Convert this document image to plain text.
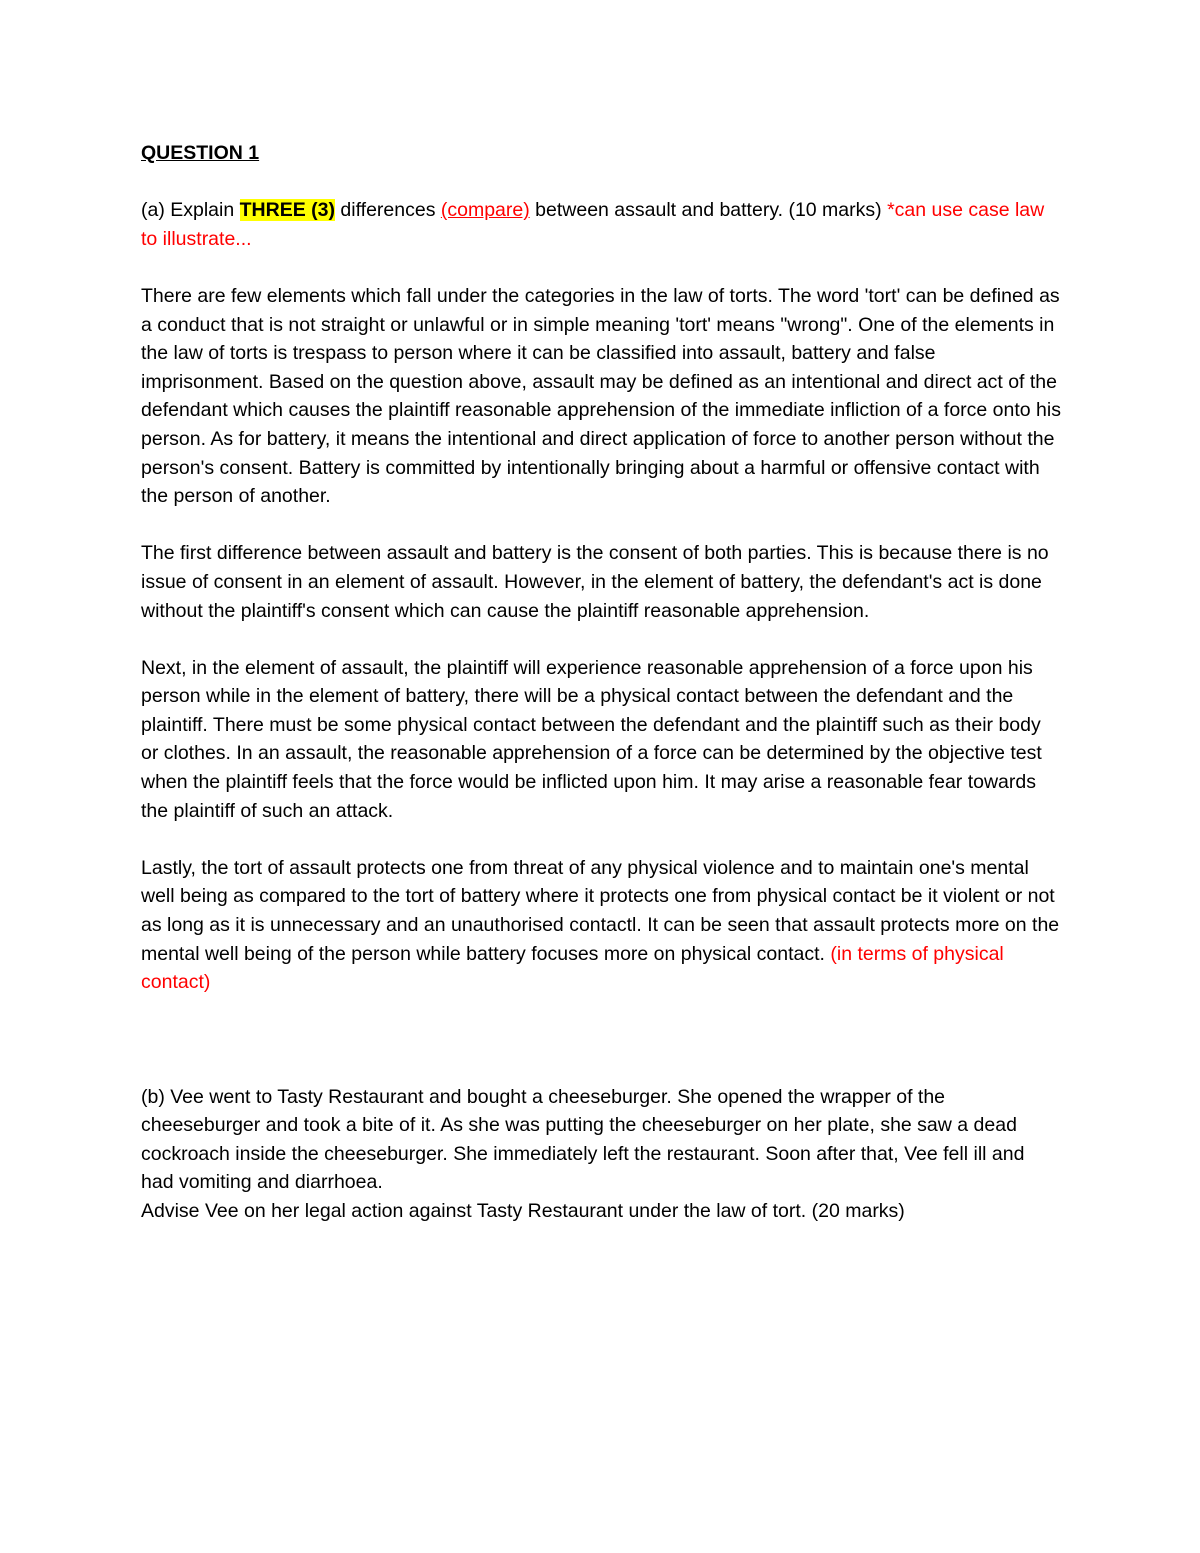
QUESTION 1

(a) Explain THREE (3) differences (compare) between assault and battery. (10 marks) *can use case law to illustrate...

There are few elements which fall under the categories in the law of torts. The word 'tort' can be defined as a conduct that is not straight or unlawful or in simple meaning 'tort' means "wrong". One of the elements in the law of torts is trespass to person where it can be classified into assault, battery and false imprisonment. Based on the question above, assault may be defined as an intentional and direct act of the defendant which causes the plaintiff reasonable apprehension of the immediate infliction of a force onto his person. As for battery, it means the intentional and direct application of force to another person without the person's consent. Battery is committed by intentionally bringing about a harmful or offensive contact with the person of another.

The first difference between assault and battery is the consent of both parties. This is because there is no issue of consent in an element of assault. However, in the element of battery, the defendant's act is done without the plaintiff's consent which can cause the plaintiff reasonable apprehension.

Next, in the element of assault, the plaintiff will experience reasonable apprehension of a force upon his person while in the element of battery, there will be a physical contact between the defendant and the plaintiff. There must be some physical contact between the defendant and the plaintiff such as their body or clothes. In an assault, the reasonable apprehension of a force can be determined by the objective test when the plaintiff feels that the force would be inflicted upon him. It may arise a reasonable fear towards the plaintiff of such an attack.

Lastly, the tort of assault protects one from threat of any physical violence and to maintain one's mental well being as compared to the tort of battery where it protects one from physical contact be it violent or not as long as it is unnecessary and an unauthorised contactl. It can be seen that assault protects more on the mental well being of the person while battery focuses more on physical contact. (in terms of physical contact)

(b) Vee went to Tasty Restaurant and bought a cheeseburger. She opened the wrapper of the cheeseburger and took a bite of it. As she was putting the cheeseburger on her plate, she saw a dead cockroach inside the cheeseburger. She immediately left the restaurant. Soon after that, Vee fell ill and had vomiting and diarrhoea.

Advise Vee on her legal action against Tasty Restaurant under the law of tort. (20 marks)
